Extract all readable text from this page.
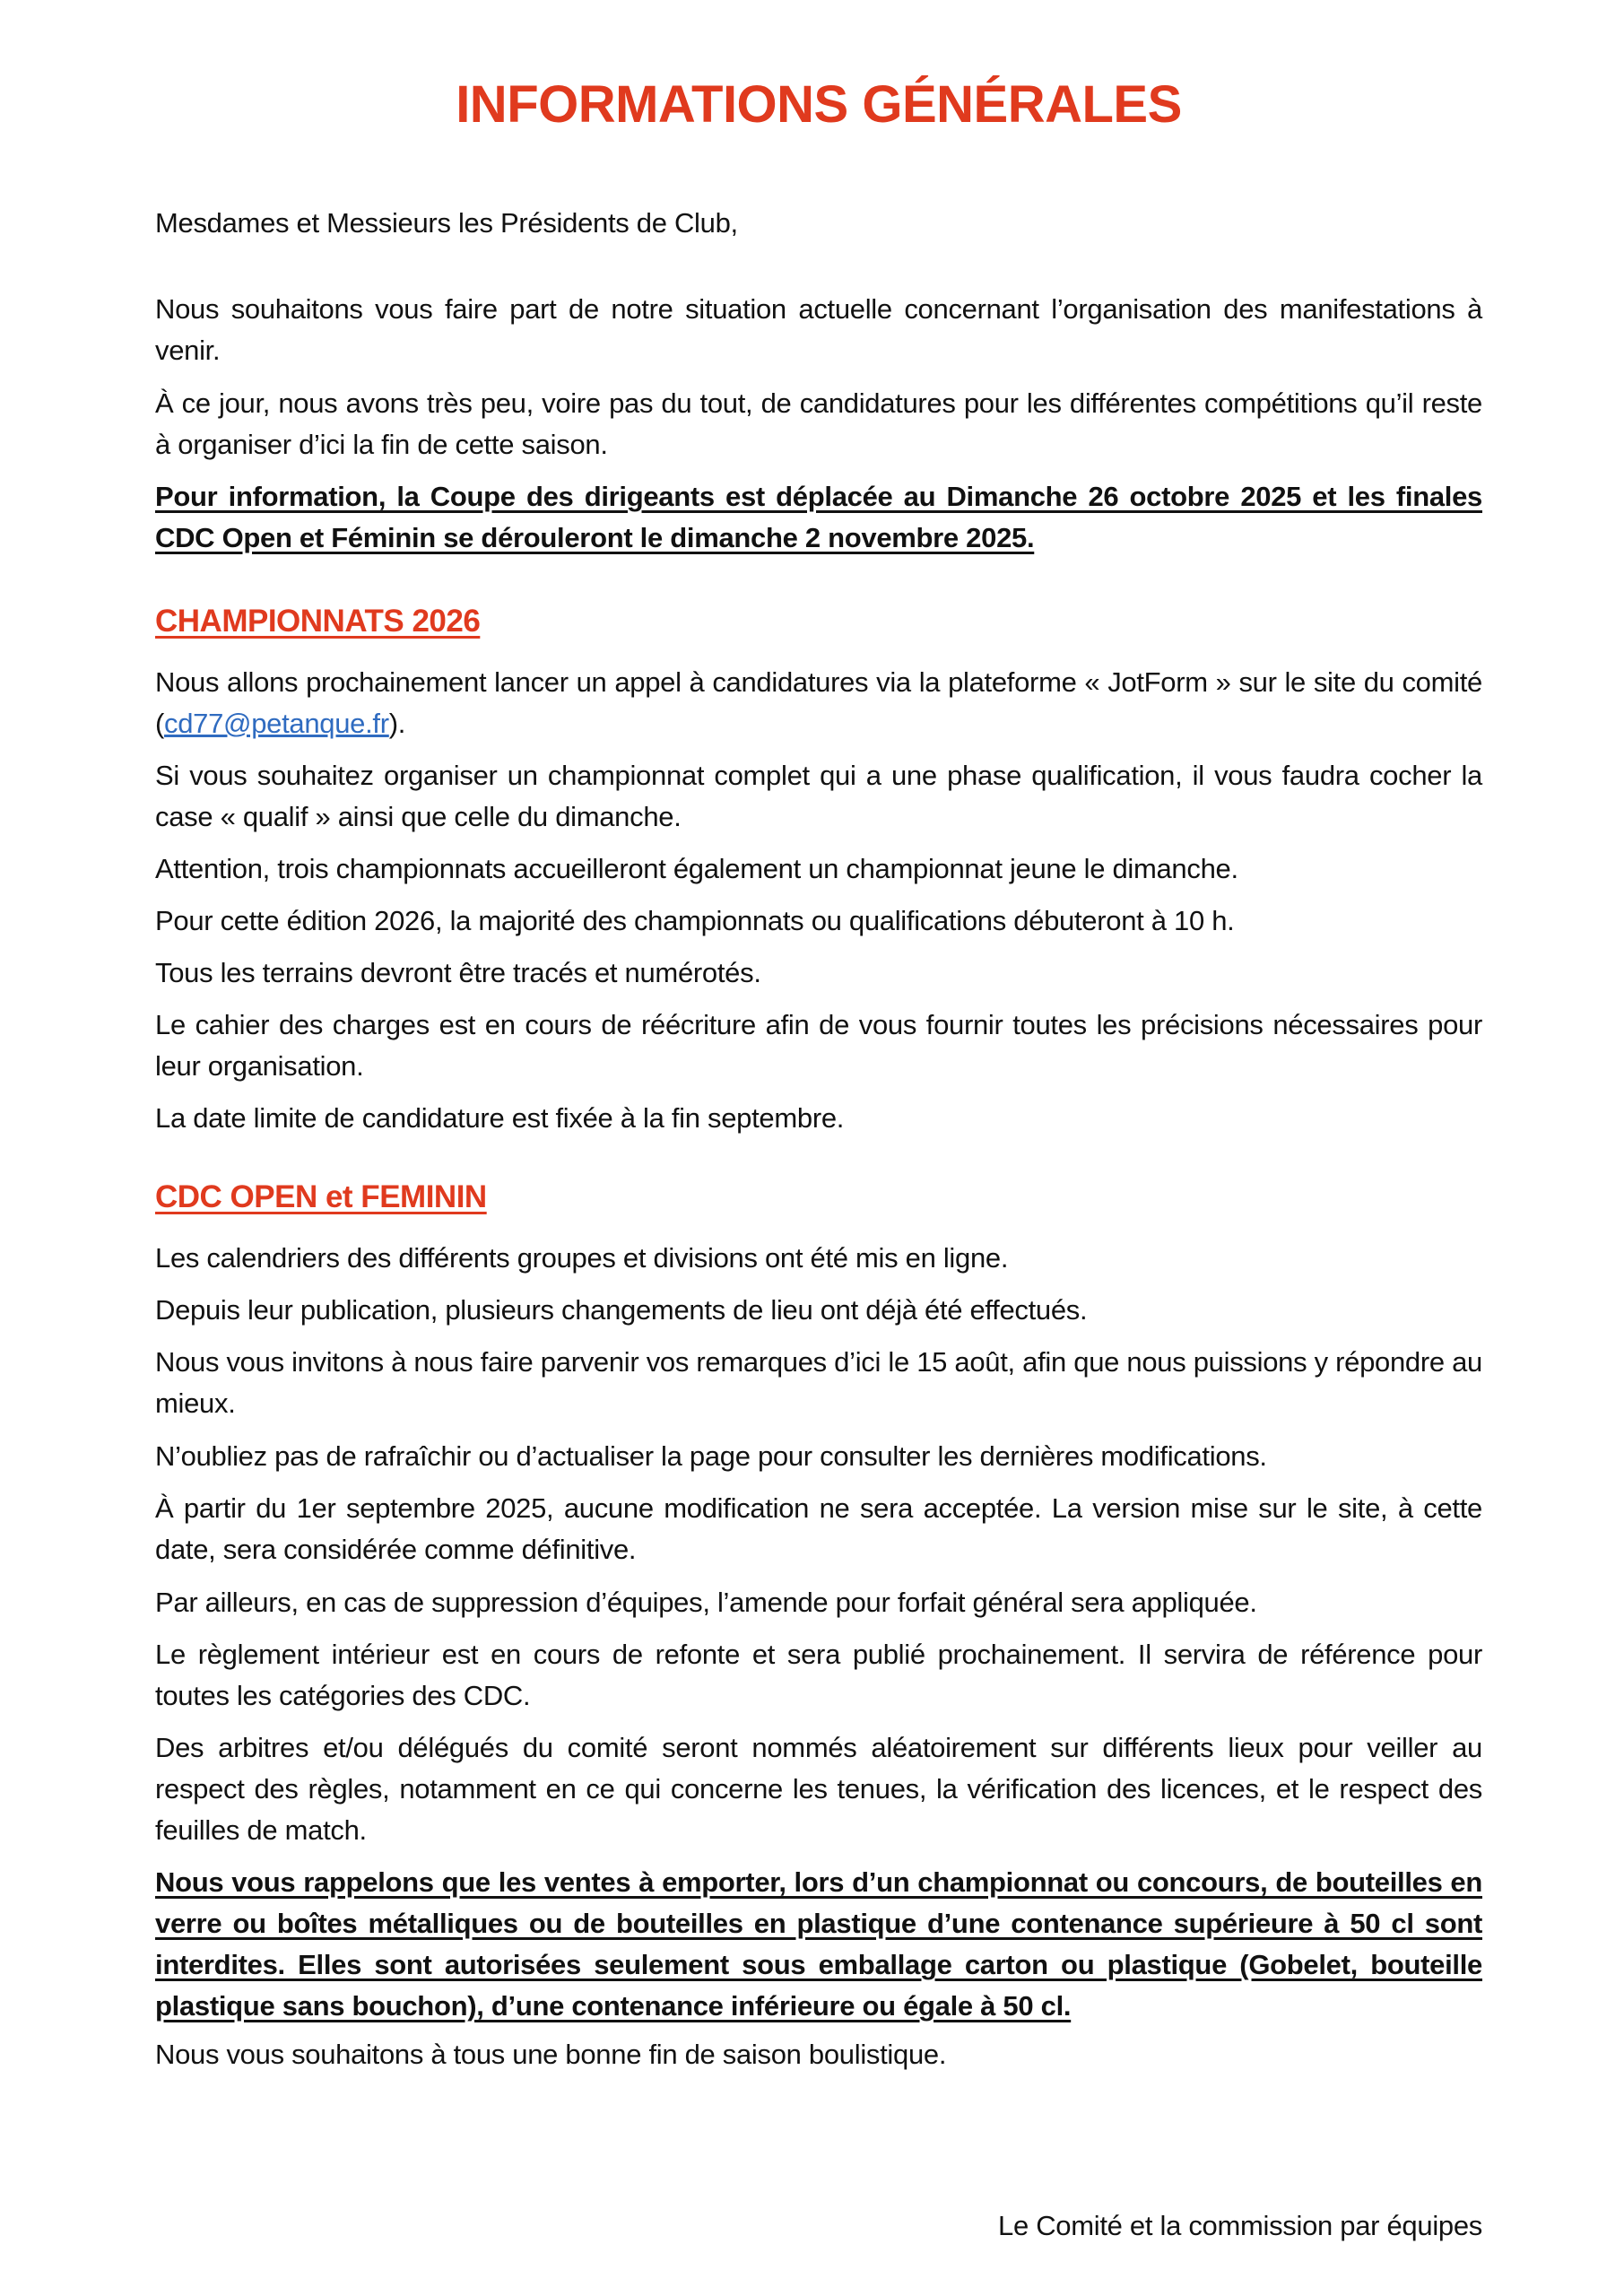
INFORMATIONS GÉNÉRALES

Mesdames et Messieurs les Présidents de Club,

Nous souhaitons vous faire part de notre situation actuelle concernant l’organisation des manifestations à venir.

À ce jour, nous avons très peu, voire pas du tout, de candidatures pour les différentes compétitions qu’il reste à organiser d’ici la fin de cette saison.

Pour information, la Coupe des dirigeants est déplacée au Dimanche 26 octobre 2025 et les finales CDC Open et Féminin se dérouleront le dimanche 2 novembre 2025.

CHAMPIONNATS 2026

Nous allons prochainement lancer un appel à candidatures via la plateforme « JotForm » sur le site du comité (cd77@petanque.fr).

Si vous souhaitez organiser un championnat complet qui a une phase qualification, il vous faudra cocher la case « qualif » ainsi que celle du dimanche.

Attention, trois championnats accueilleront également un championnat jeune le dimanche.

Pour cette édition 2026, la majorité des championnats ou qualifications débuteront à 10 h.

Tous les terrains devront être tracés et numérotés.

Le cahier des charges est en cours de réécriture afin de vous fournir toutes les précisions nécessaires pour leur organisation.

La date limite de candidature est fixée à la fin septembre.

CDC OPEN et FEMININ

Les calendriers des différents groupes et divisions ont été mis en ligne.

Depuis leur publication, plusieurs changements de lieu ont déjà été effectués.

Nous vous invitons à nous faire parvenir vos remarques d’ici le 15 août, afin que nous puissions y répondre au mieux.

N’oubliez pas de rafraîchir ou d’actualiser la page pour consulter les dernières modifications.

À partir du 1er septembre 2025, aucune modification ne sera acceptée. La version mise sur le site, à cette date, sera considérée comme définitive.

Par ailleurs, en cas de suppression d’équipes, l’amende pour forfait général sera appliquée.

Le règlement intérieur est en cours de refonte et sera publié prochainement. Il servira de référence pour toutes les catégories des CDC.

Des arbitres et/ou délégués du comité seront nommés aléatoirement sur différents lieux pour veiller au respect des règles, notamment en ce qui concerne les tenues, la vérification des licences, et le respect des feuilles de match.

Nous vous rappelons que les ventes à emporter, lors d’un championnat ou concours, de bouteilles en verre ou boîtes métalliques ou de bouteilles en plastique d’une contenance supérieure à 50 cl sont interdites. Elles sont autorisées seulement sous emballage carton ou plastique (Gobelet, bouteille plastique sans bouchon), d’une contenance inférieure ou égale à 50 cl.

Nous vous souhaitons à tous une bonne fin de saison boulistique.

Le Comité et la commission par équipes
